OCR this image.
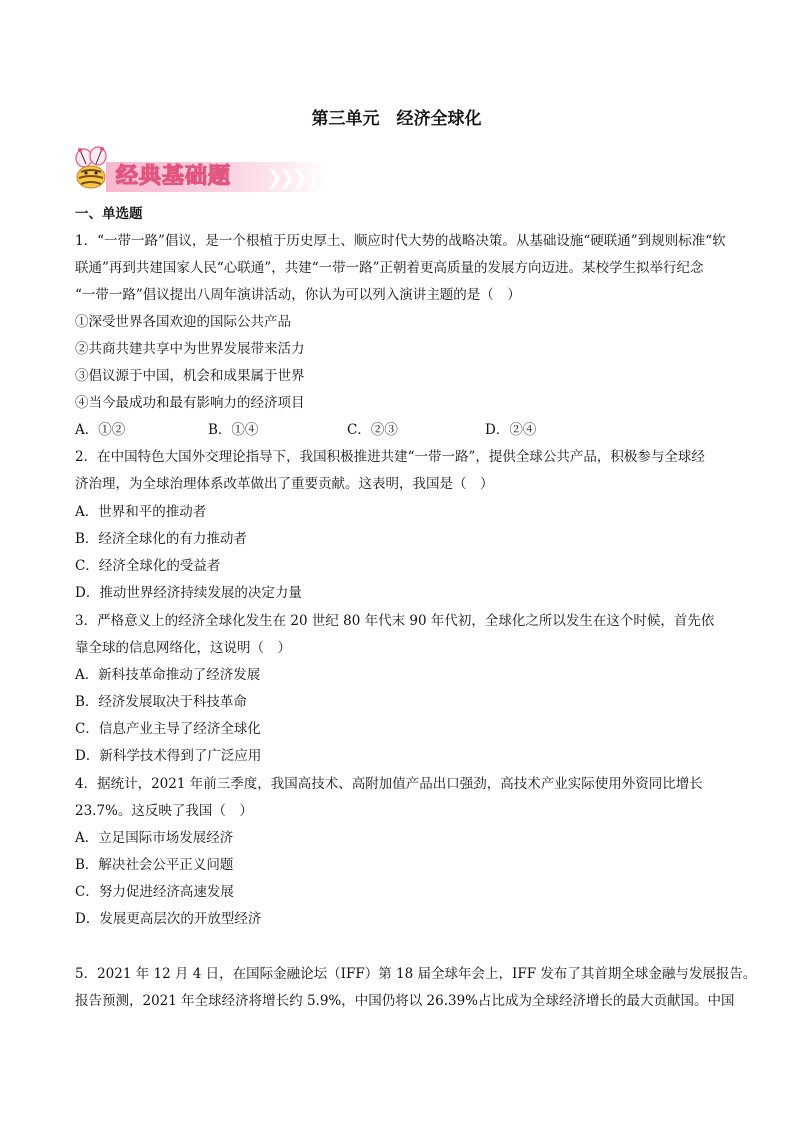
第三单元　经济全球化
经典基础题 ❯❯❯❯❯❯
一、单选题
1．“一带一路”倡议，是一个根植于历史厚土、顺应时代大势的战略决策。从基础设施“硬联通”到规则标准“软
联通”再到共建国家人民“心联通”，共建“一带一路”正朝着更高质量的发展方向迈进。某校学生拟举行纪念
“一带一路”倡议提出八周年演讲活动，你认为可以列入演讲主题的是（　）
①深受世界各国欢迎的国际公共产品
②共商共建共享中为世界发展带来活力
③倡议源于中国，机会和成果属于世界
④当今最成功和最有影响力的经济项目
A．①②	B．①④	C．②③	D．②④
2．在中国特色大国外交理论指导下，我国积极推进共建“一带一路”，提供全球公共产品，积极参与全球经
济治理，为全球治理体系改革做出了重要贡献。这表明，我国是（　）
A．世界和平的推动者
B．经济全球化的有力推动者
C．经济全球化的受益者
D．推动世界经济持续发展的决定力量
3．严格意义上的经济全球化发生在 20 世纪 80 年代末 90 年代初，全球化之所以发生在这个时候，首先依
靠全球的信息网络化，这说明（　）
A．新科技革命推动了经济发展
B．经济发展取决于科技革命
C．信息产业主导了经济全球化
D．新科学技术得到了广泛应用
4．据统计，2021 年前三季度，我国高技术、高附加值产品出口强劲，高技术产业实际使用外资同比增长
23.7%。这反映了我国（　）
A．立足国际市场发展经济
B．解决社会公平正义问题
C．努力促进经济高速发展
D．发展更高层次的开放型经济
5．2021 年 12 月 4 日，在国际金融论坛（IFF）第 18 届全球年会上，IFF 发布了其首期全球金融与发展报告。
报告预测，2021 年全球经济将增长约 5.9%，中国仍将以 26.39%占比成为全球经济增长的最大贡献国。中国
